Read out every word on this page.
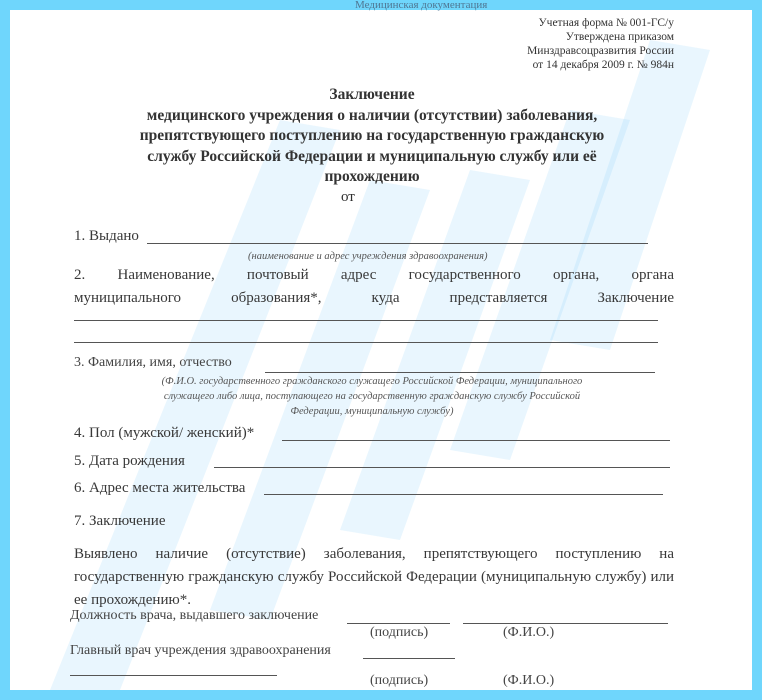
Медицинская документация
Учетная форма № 001-ГС/у
Утверждена приказом
Минздравсоцразвития России
от 14 декабря 2009 г. № 984н
Заключение
медицинского учреждения о наличии (отсутствии) заболевания,
препятствующего поступлению на государственную гражданскую
службу Российской Федерации и муниципальную службу или её
прохождению
от
1. Выдано
(наименование и адрес учреждения здравоохранения)
2. Наименование, почтовый адрес государственного органа, органа
муниципального образования*, куда представляется Заключение
3. Фамилия, имя, отчество
(Ф.И.О. государственного гражданского служащего Российской Федерации, муниципального
служащего либо лица, поступающего на государственную гражданскую службу Российской
Федерации, муниципальную службу)
4. Пол (мужской/ женский)*
5. Дата рождения
6. Адрес места жительства
7. Заключение
Выявлено наличие (отсутствие) заболевания, препятствующего поступлению на государственную гражданскую службу Российской Федерации (муниципальную службу) или ее прохождению*.
Должность врача, выдавшего заключение
(подпись)	(Ф.И.О.)
Главный врач учреждения здравоохранения
(подпись)	(Ф.И.О.)
